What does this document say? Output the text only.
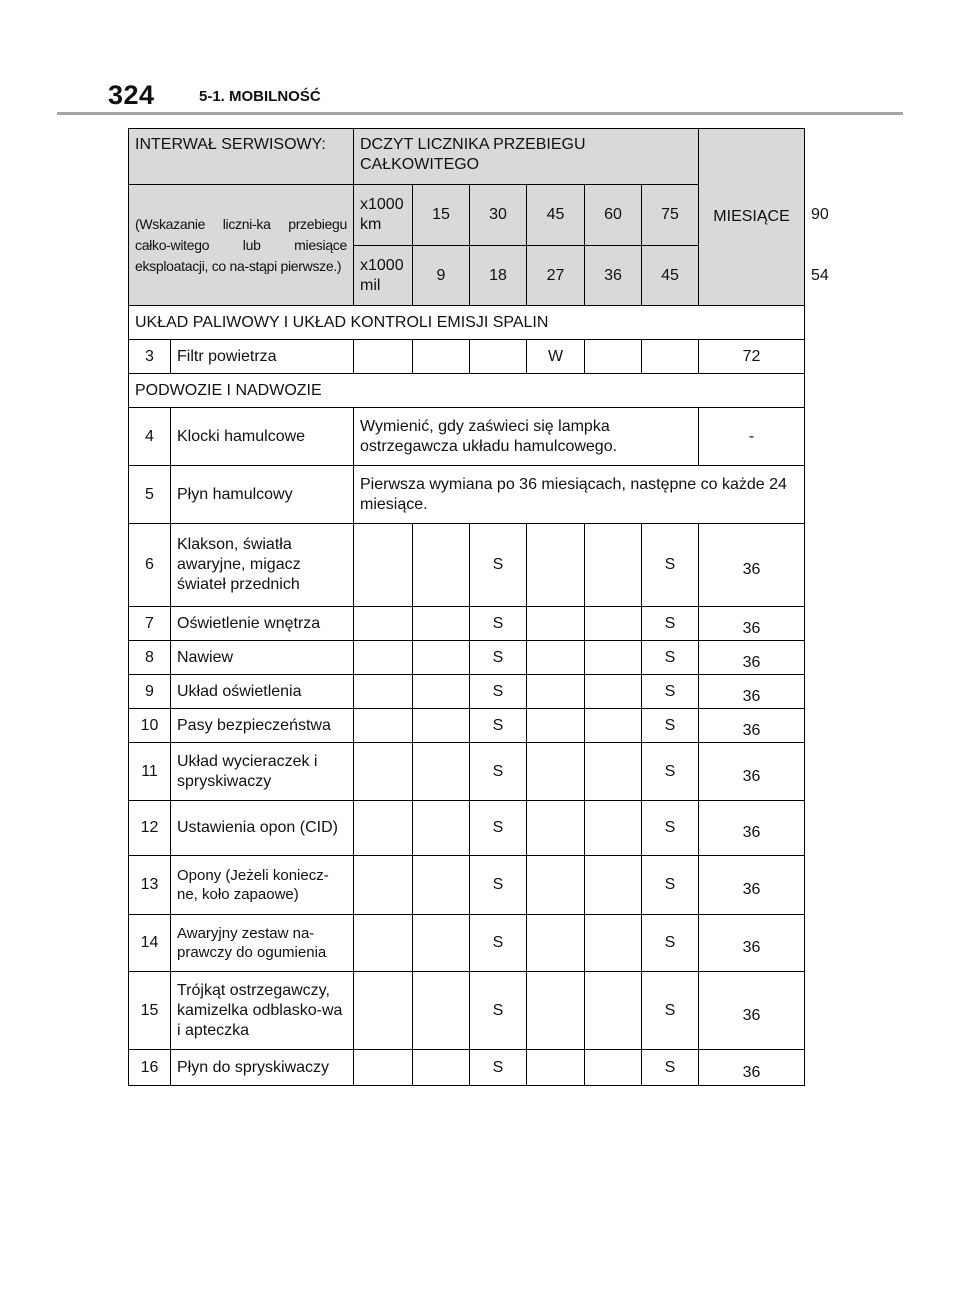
324	5-1. MOBILNOŚĆ
INTERWAŁ SERWISOWY:		DCZYT LICZNIKA PRZEBIEGU CAŁKOWITEGO						MIESIĄCE	
(Wskazanie liczni-ka przebiegu całko-witego lub miesiące eksploatacji, co na-stąpi pierwsze.)		x1000 km	15	30	45	60	75		90
		x1000 mil	9	18	27	36	45		54
UKŁAD PALIWOWY I UKŁAD KONTROLI EMISJI SPALIN									
3	Filtr powietrza				W			72	
PODWOZIE I NADWOZIE									
4	Klocki hamulcowe	Wymienić, gdy zaświeci się lampka ostrzegawcza układu hamulcowego.						-	
5	Płyn hamulcowy	Pierwsza wymiana po 36 miesiącach, następne co każde 24 miesiące.							
6	Klakson, światła awaryjne, migacz świateł przednich			S			S	36	
7	Oświetlenie wnętrza			S			S	36	
8	Nawiew			S			S	36	
9	Układ oświetlenia			S			S	36	
10	Pasy bezpieczeństwa			S			S	36	
11	Układ wycieraczek i spryskiwaczy			S			S	36	
12	Ustawienia opon (CID)			S			S	36	
13	Opony (Jeżeli koniecz-ne, koło zapaowe)			S			S	36	
14	Awaryjny zestaw na-prawczy do ogumienia			S			S	36	
15	Trójkąt ostrzegawczy, kamizelka odblasko-wa i apteczka			S			S	36	
16	Płyn do spryskiwaczy			S			S	36	
